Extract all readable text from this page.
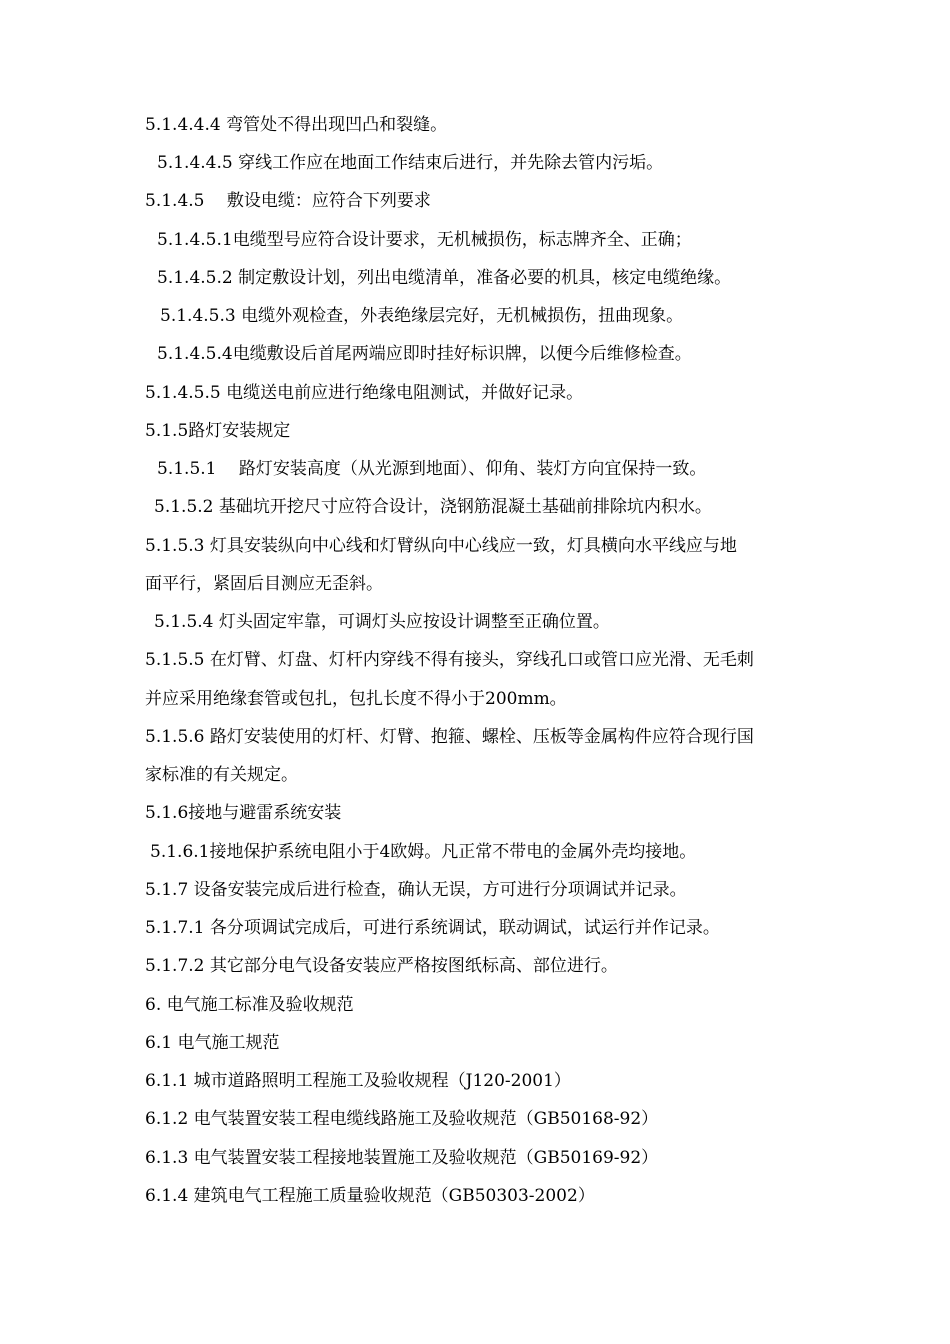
5.1.4.4.4 弯管处不得出现凹凸和裂缝。
5.1.4.4.5 穿线工作应在地面工作结束后进行，并先除去管内污垢。
5.1.4.5　 敷设电缆：应符合下列要求
5.1.4.5.1电缆型号应符合设计要求，无机械损伤，标志牌齐全、正确；
5.1.4.5.2 制定敷设计划，列出电缆清单，准备必要的机具，核定电缆绝缘。
5.1.4.5.3 电缆外观检查，外表绝缘层完好，无机械损伤，扭曲现象。
5.1.4.5.4电缆敷设后首尾两端应即时挂好标识牌，以便今后维修检查。
5.1.4.5.5 电缆送电前应进行绝缘电阻测试，并做好记录。
5.1.5路灯安装规定
5.1.5.1　 路灯安装高度（从光源到地面）、仰角、装灯方向宜保持一致。
5.1.5.2 基础坑开挖尺寸应符合设计，浇钢筋混凝土基础前排除坑内积水。
5.1.5.3 灯具安装纵向中心线和灯臂纵向中心线应一致，灯具横向水平线应与地
面平行，紧固后目测应无歪斜。
5.1.5.4 灯头固定牢靠，可调灯头应按设计调整至正确位置。
5.1.5.5 在灯臂、灯盘、灯杆内穿线不得有接头，穿线孔口或管口应光滑、无毛刺
并应采用绝缘套管或包扎，包扎长度不得小于200mm。
5.1.5.6 路灯安装使用的灯杆、灯臂、抱箍、螺栓、压板等金属构件应符合现行国
家标准的有关规定。
5.1.6接地与避雷系统安装
5.1.6.1接地保护系统电阻小于4欧姆。凡正常不带电的金属外壳均接地。
5.1.7 设备安装完成后进行检查，确认无误，方可进行分项调试并记录。
5.1.7.1 各分项调试完成后，可进行系统调试，联动调试，试运行并作记录。
5.1.7.2 其它部分电气设备安装应严格按图纸标高、部位进行。
6. 电气施工标准及验收规范
6.1 电气施工规范
6.1.1 城市道路照明工程施工及验收规程（J120-2001）
6.1.2 电气装置安装工程电缆线路施工及验收规范（GB50168-92）
6.1.3 电气装置安装工程接地装置施工及验收规范（GB50169-92）
6.1.4 建筑电气工程施工质量验收规范（GB50303-2002）
